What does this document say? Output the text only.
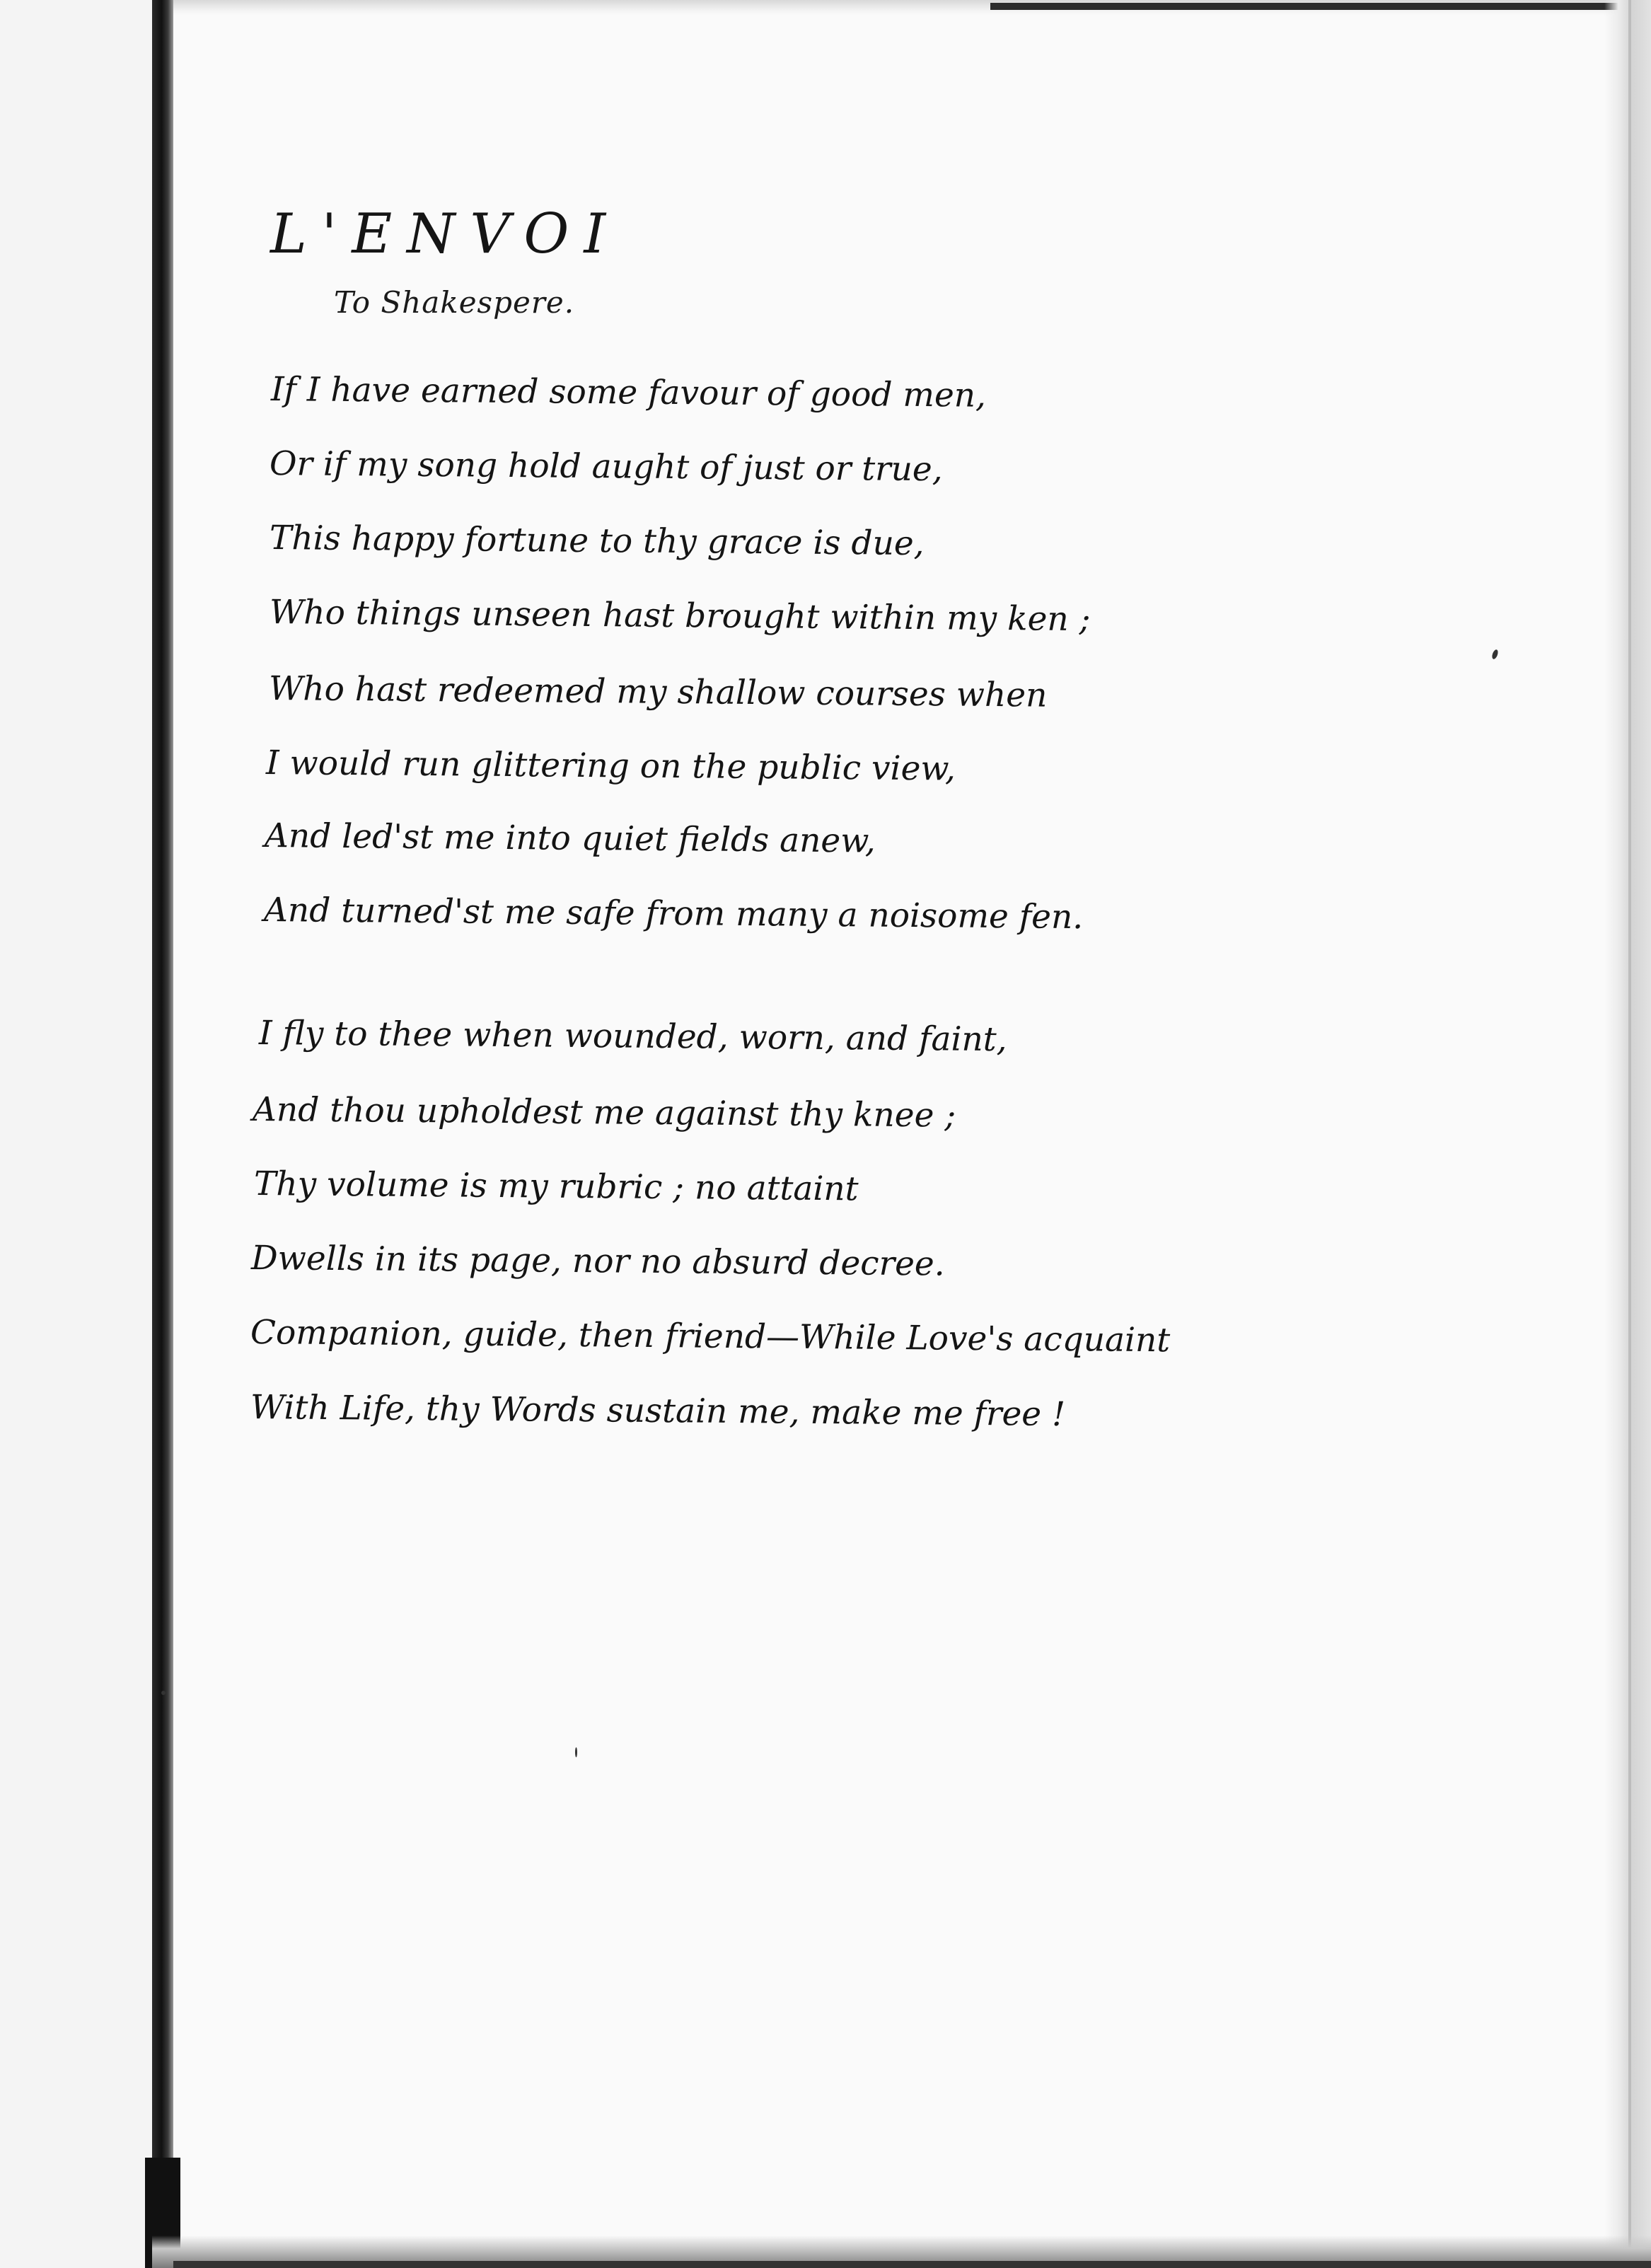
L'ENVOI

To Shakespere.

If I have earned some favour of good men,

Or if my song hold aught of just or true,

This happy fortune to thy grace is due,

Who things unseen hast brought within my ken ;

Who hast redeemed my shallow courses when

I would run glittering on the public view,

And led'st me into quiet fields anew,

And turned'st me safe from many a noisome fen.

I fly to thee when wounded, worn, and faint,

And thou upholdest me against thy knee ;

Thy volume is my rubric ; no attaint

Dwells in its page, nor no absurd decree.

Companion, guide, then friend—While Love's acquaint

With Life, thy Words sustain me, make me free !
